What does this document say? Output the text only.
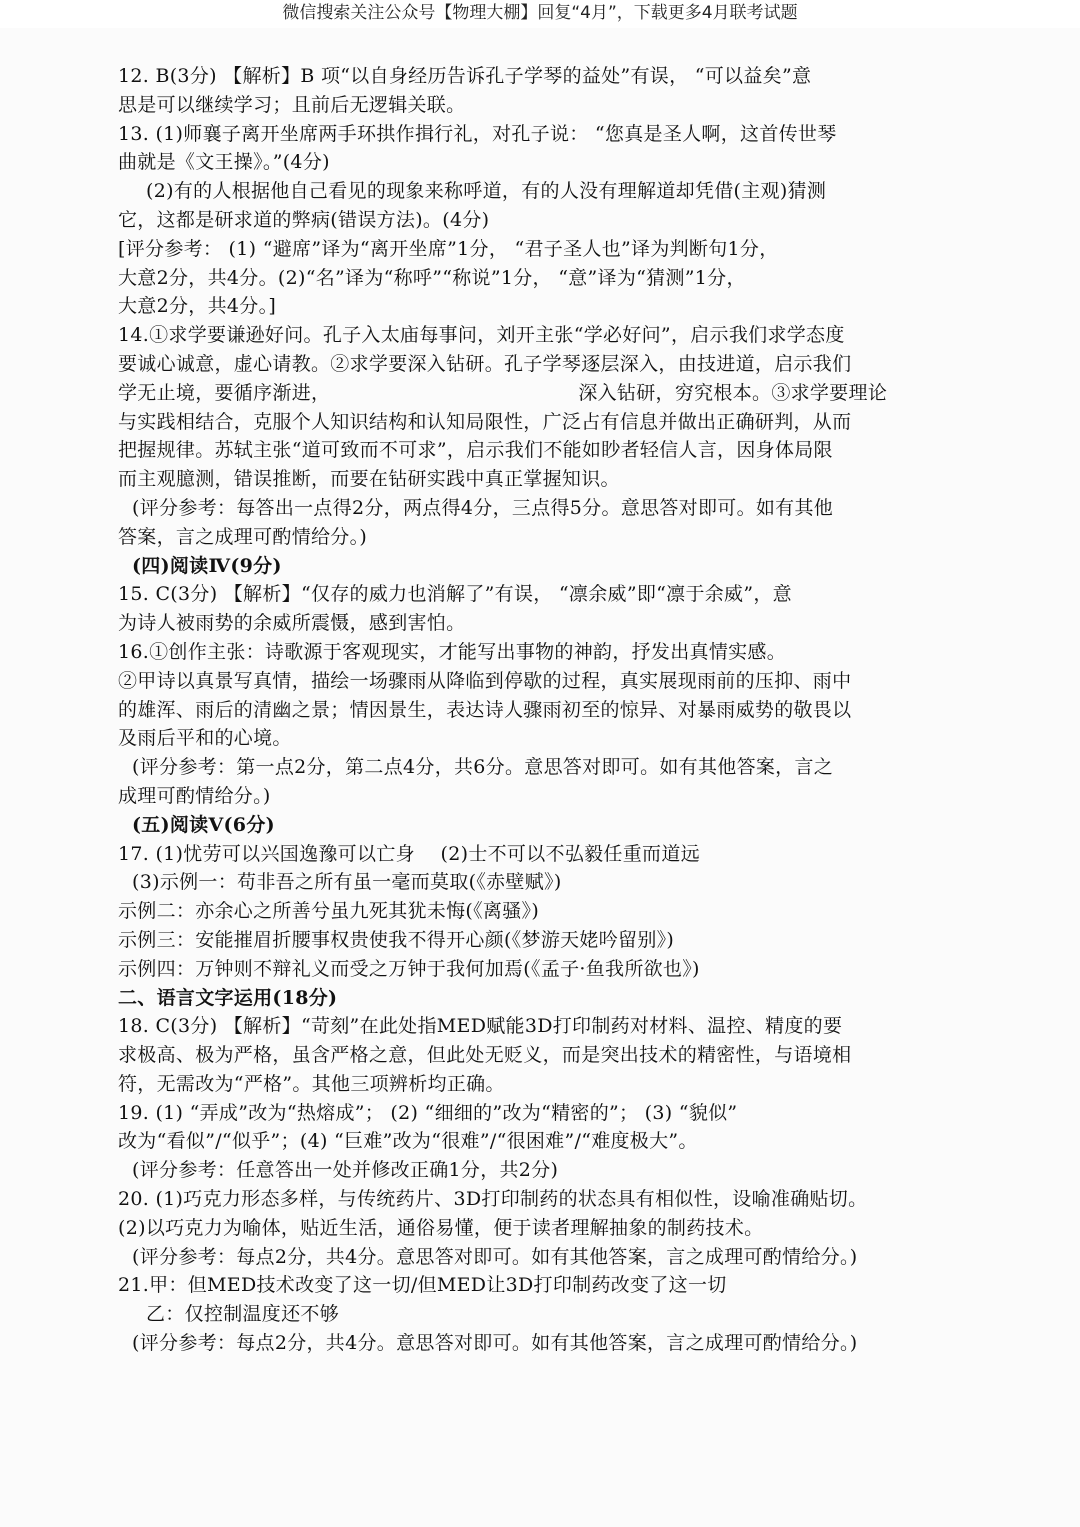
微信搜索关注公众号【物理大棚】回复“4月”，下载更多4月联考试题
12. B(3分) 【解析】B 项“以自身经历告诉孔子学琴的益处”有误， “可以益矣”意
思是可以继续学习；且前后无逻辑关联。
13. (1)师襄子离开坐席两手环拱作揖行礼，对孔子说： “您真是圣人啊，这首传世琴
曲就是《文王操》。”(4分)
(2)有的人根据他自己看见的现象来称呼道，有的人没有理解道却凭借(主观)猜测
它，这都是研求道的弊病(错误方法)。(4分)
[评分参考： (1) “避席”译为“离开坐席”1分， “君子圣人也”译为判断句1分，
大意2分，共4分。(2)“名”译为“称呼”“称说”1分， “意”译为“猜测”1分，
大意2分，共4分。]
14.①求学要谦逊好问。孔子入太庙每事问，刘开主张“学必好问”，启示我们求学态度
要诚心诚意，虚心请教。②求学要深入钻研。孔子学琴逐层深入，由技进道，启示我们
学无止境，要循序渐进，	深入钻研，穷究根本。③求学要理论
与实践相结合，克服个人知识结构和认知局限性，广泛占有信息并做出正确研判，从而
把握规律。苏轼主张“道可致而不可求”，启示我们不能如眇者轻信人言，因身体局限
而主观臆测，错误推断，而要在钻研实践中真正掌握知识。
(评分参考：每答出一点得2分，两点得4分，三点得5分。意思答对即可。如有其他
答案，言之成理可酌情给分。)
(四)阅读Ⅳ(9分)
15. C(3分) 【解析】“仅存的威力也消解了”有误， “凛余威”即“凛于余威”，意
为诗人被雨势的余威所震慑，感到害怕。
16.①创作主张：诗歌源于客观现实，才能写出事物的神韵，抒发出真情实感。
②甲诗以真景写真情，描绘一场骤雨从降临到停歇的过程，真实展现雨前的压抑、雨中
的雄浑、雨后的清幽之景；情因景生，表达诗人骤雨初至的惊异、对暴雨威势的敬畏以
及雨后平和的心境。
(评分参考：第一点2分，第二点4分，共6分。意思答对即可。如有其他答案，言之
成理可酌情给分。)
(五)阅读Ⅴ(6分)
17. (1)忧劳可以兴国逸豫可以亡身　 (2)士不可以不弘毅任重而道远
(3)示例一：苟非吾之所有虽一毫而莫取(《赤壁赋》)
示例二：亦余心之所善兮虽九死其犹未悔(《离骚》)
示例三：安能摧眉折腰事权贵使我不得开心颜(《梦游天姥吟留别》)
示例四：万钟则不辩礼义而受之万钟于我何加焉(《孟子·鱼我所欲也》)
二、语言文字运用(18分)
18. C(3分) 【解析】“苛刻”在此处指MED赋能3D打印制药对材料、温控、精度的要
求极高、极为严格，虽含严格之意，但此处无贬义，而是突出技术的精密性，与语境相
符，无需改为“严格”。其他三项辨析均正确。
19. (1) “弄成”改为“热熔成”； (2) “细细的”改为“精密的”； (3) “貌似”
改为“看似”/“似乎”；(4) “巨难”改为“很难”/“很困难”/“难度极大”。
(评分参考：任意答出一处并修改正确1分，共2分)
20. (1)巧克力形态多样，与传统药片、3D打印制药的状态具有相似性，设喻准确贴切。
(2)以巧克力为喻体，贴近生活，通俗易懂，便于读者理解抽象的制药技术。
(评分参考：每点2分，共4分。意思答对即可。如有其他答案，言之成理可酌情给分。)
21.甲：但MED技术改变了这一切/但MED让3D打印制药改变了这一切
乙：仅控制温度还不够
(评分参考：每点2分，共4分。意思答对即可。如有其他答案，言之成理可酌情给分。)
